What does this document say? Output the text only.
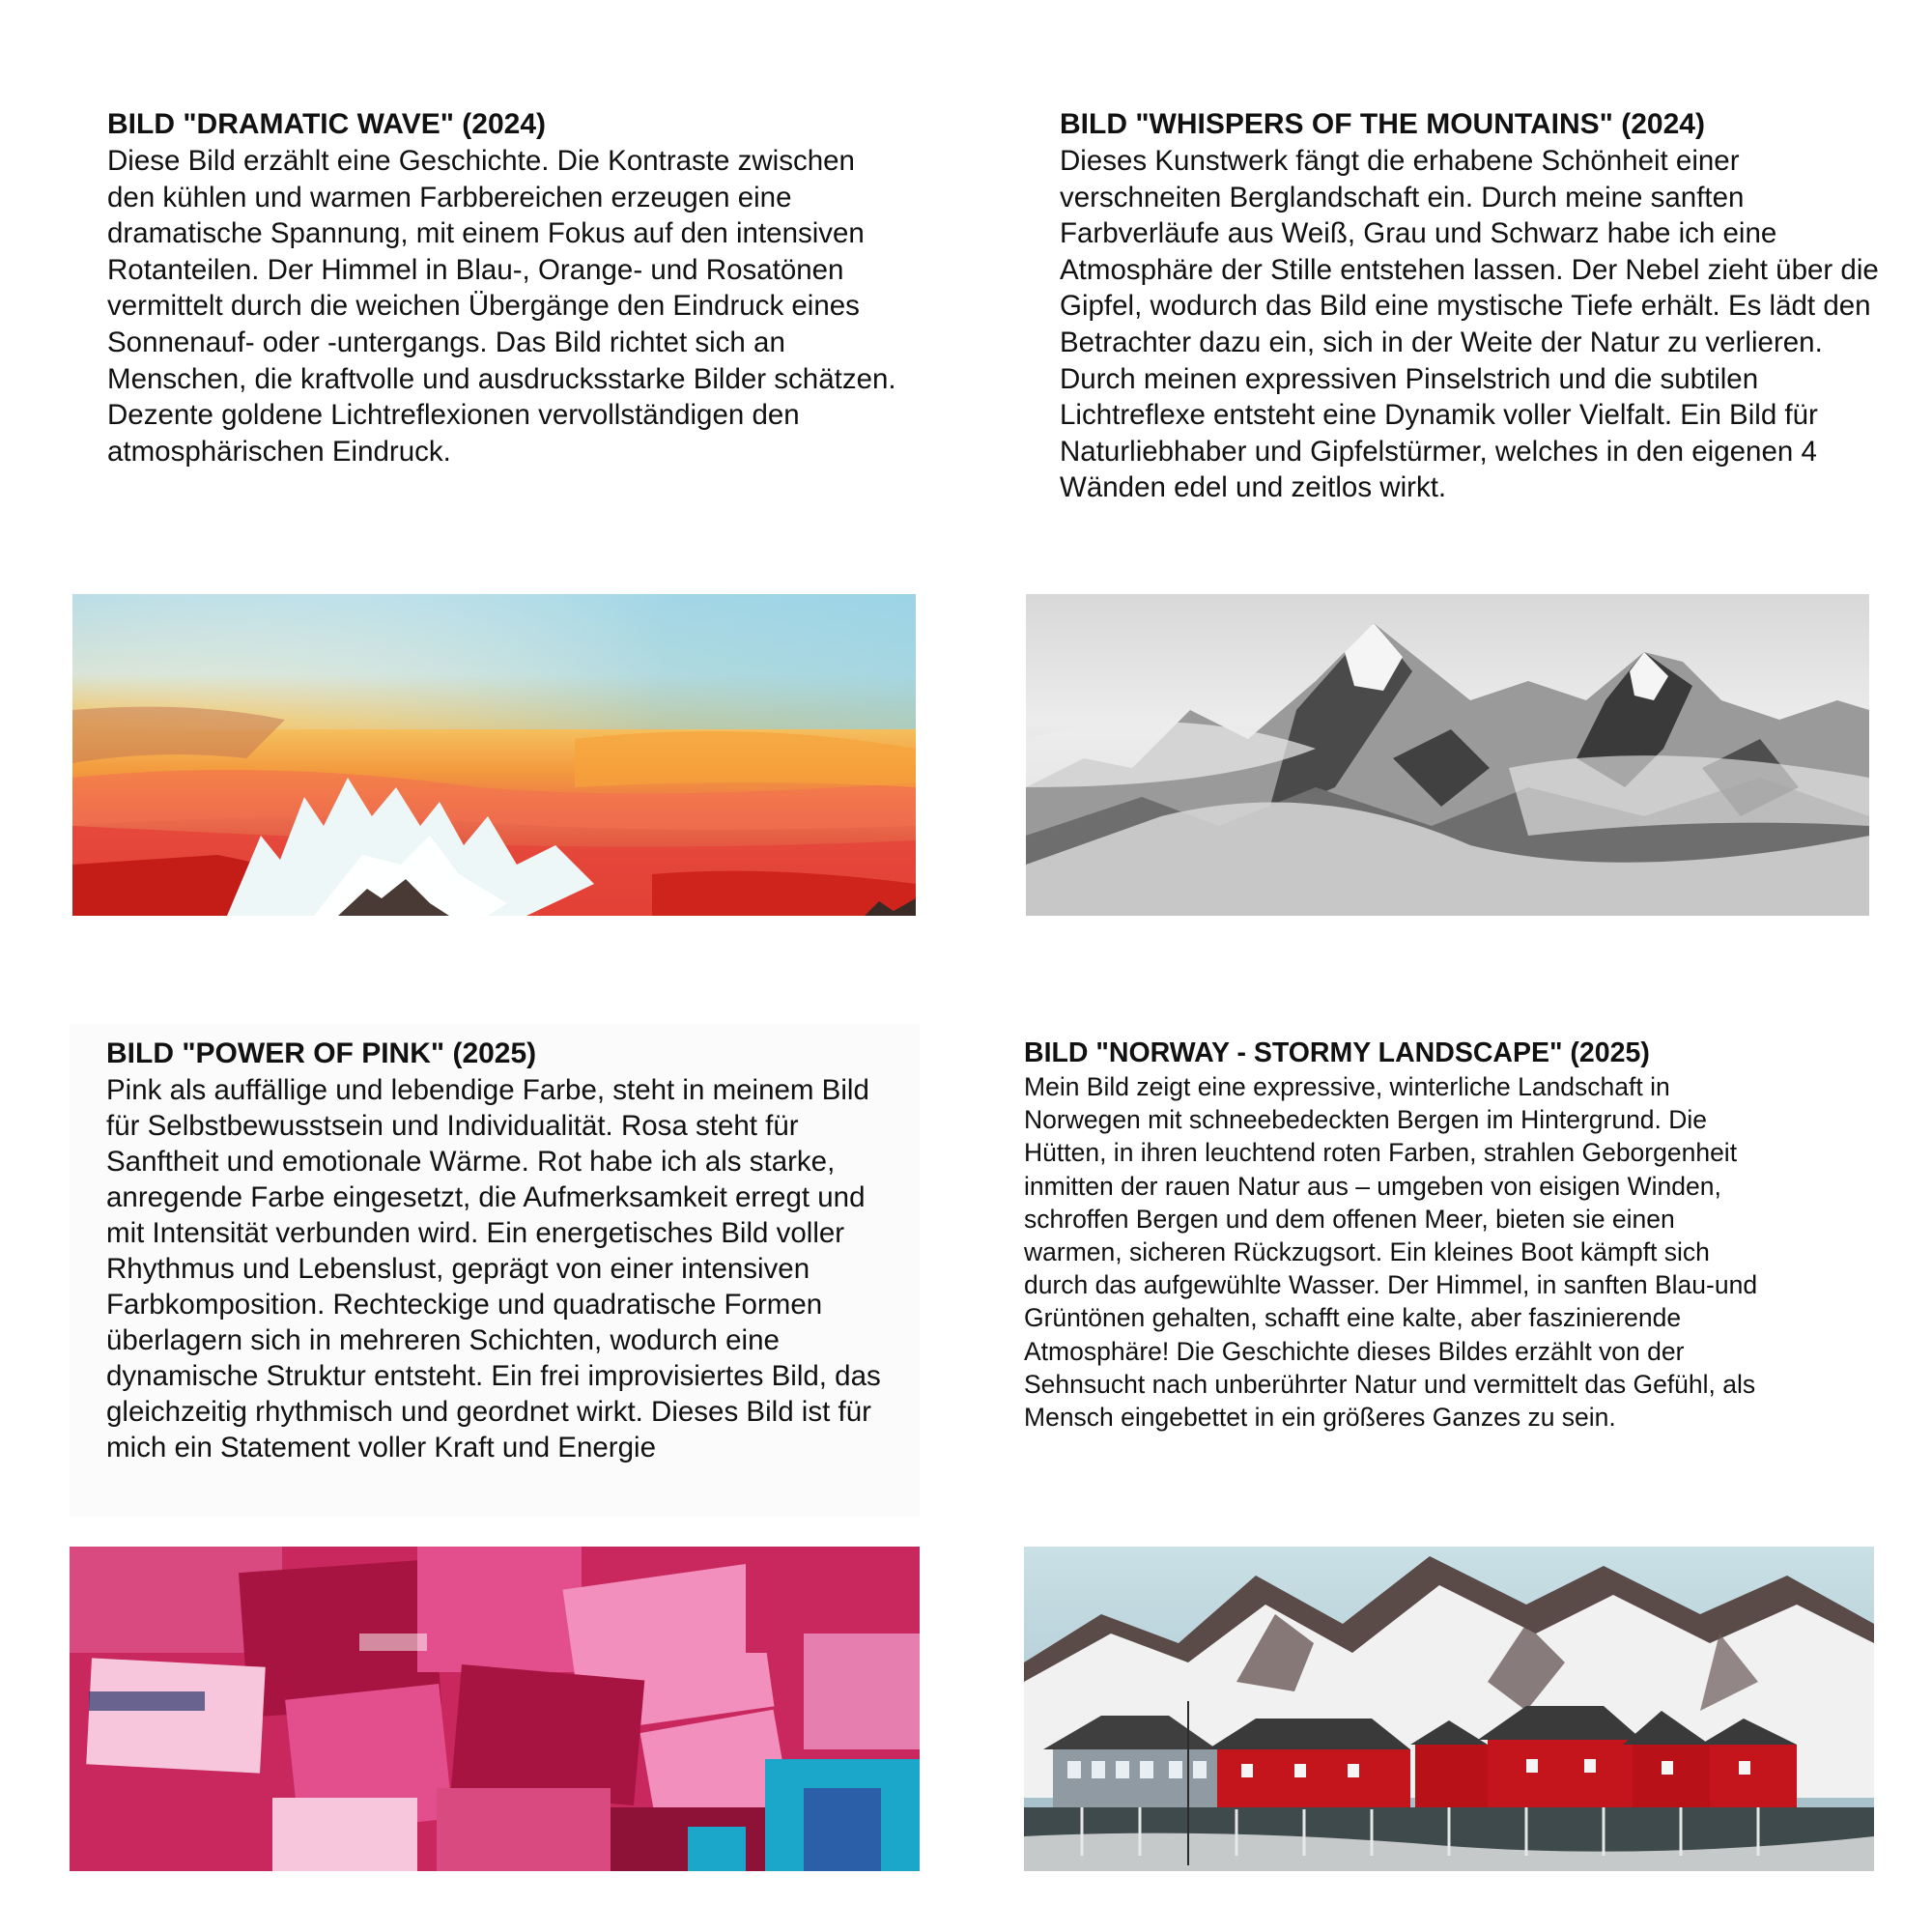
BILD "DRAMATIC WAVE" (2024)

Diese Bild erzählt eine Geschichte. Die Kontraste zwischen den kühlen und warmen Farbbereichen erzeugen eine dramatische Spannung, mit einem Fokus auf den intensiven Rotanteilen. Der Himmel in Blau-, Orange- und Rosatönen vermittelt durch die weichen Übergänge den Eindruck eines Sonnenauf- oder -untergangs. Das Bild richtet sich an Menschen, die kraftvolle und ausdrucksstarke Bilder schätzen. Dezente goldene Lichtreflexionen vervollständigen den atmosphärischen Eindruck.

BILD "WHISPERS OF THE MOUNTAINS" (2024)

Dieses Kunstwerk fängt die erhabene Schönheit einer verschneiten Berglandschaft ein. Durch meine sanften Farbverläufe aus Weiß, Grau und Schwarz habe ich eine Atmosphäre der Stille entstehen lassen. Der Nebel zieht über die Gipfel, wodurch das Bild eine mystische Tiefe erhält. Es lädt den Betrachter dazu ein, sich in der Weite der Natur zu verlieren. Durch meinen expressiven Pinselstrich und die subtilen Lichtreflexe entsteht eine Dynamik voller Vielfalt. Ein Bild für Naturliebhaber und Gipfelstürmer, welches in den eigenen 4 Wänden edel und zeitlos wirkt.

BILD "POWER OF PINK" (2025)

Pink als auffällige und lebendige Farbe, steht in meinem Bild für Selbstbewusstsein und Individualität. Rosa steht für Sanftheit und emotionale Wärme. Rot habe ich als starke, anregende Farbe eingesetzt, die Aufmerksamkeit erregt und mit Intensität verbunden wird. Ein energetisches Bild voller Rhythmus und Lebenslust, geprägt von einer intensiven Farbkomposition. Rechteckige und quadratische Formen überlagern sich in mehreren Schichten, wodurch eine dynamische Struktur entsteht. Ein frei improvisiertes Bild, das gleichzeitig rhythmisch und geordnet wirkt. Dieses Bild ist für mich ein Statement voller Kraft und Energie

BILD "NORWAY - STORMY LANDSCAPE" (2025)

Mein Bild zeigt eine expressive, winterliche Landschaft in Norwegen mit schneebedeckten Bergen im Hintergrund. Die Hütten, in ihren leuchtend roten Farben, strahlen Geborgenheit inmitten der rauen Natur aus – umgeben von eisigen Winden, schroffen Bergen und dem offenen Meer, bieten sie einen warmen, sicheren Rückzugsort. Ein kleines Boot kämpft sich durch das aufgewühlte Wasser. Der Himmel, in sanften Blau-und Grüntönen gehalten, schafft eine kalte, aber faszinierende Atmosphäre! Die Geschichte dieses Bildes erzählt von der Sehnsucht nach unberührter Natur und vermittelt das Gefühl, als Mensch eingebettet in ein größeres Ganzes zu sein.
